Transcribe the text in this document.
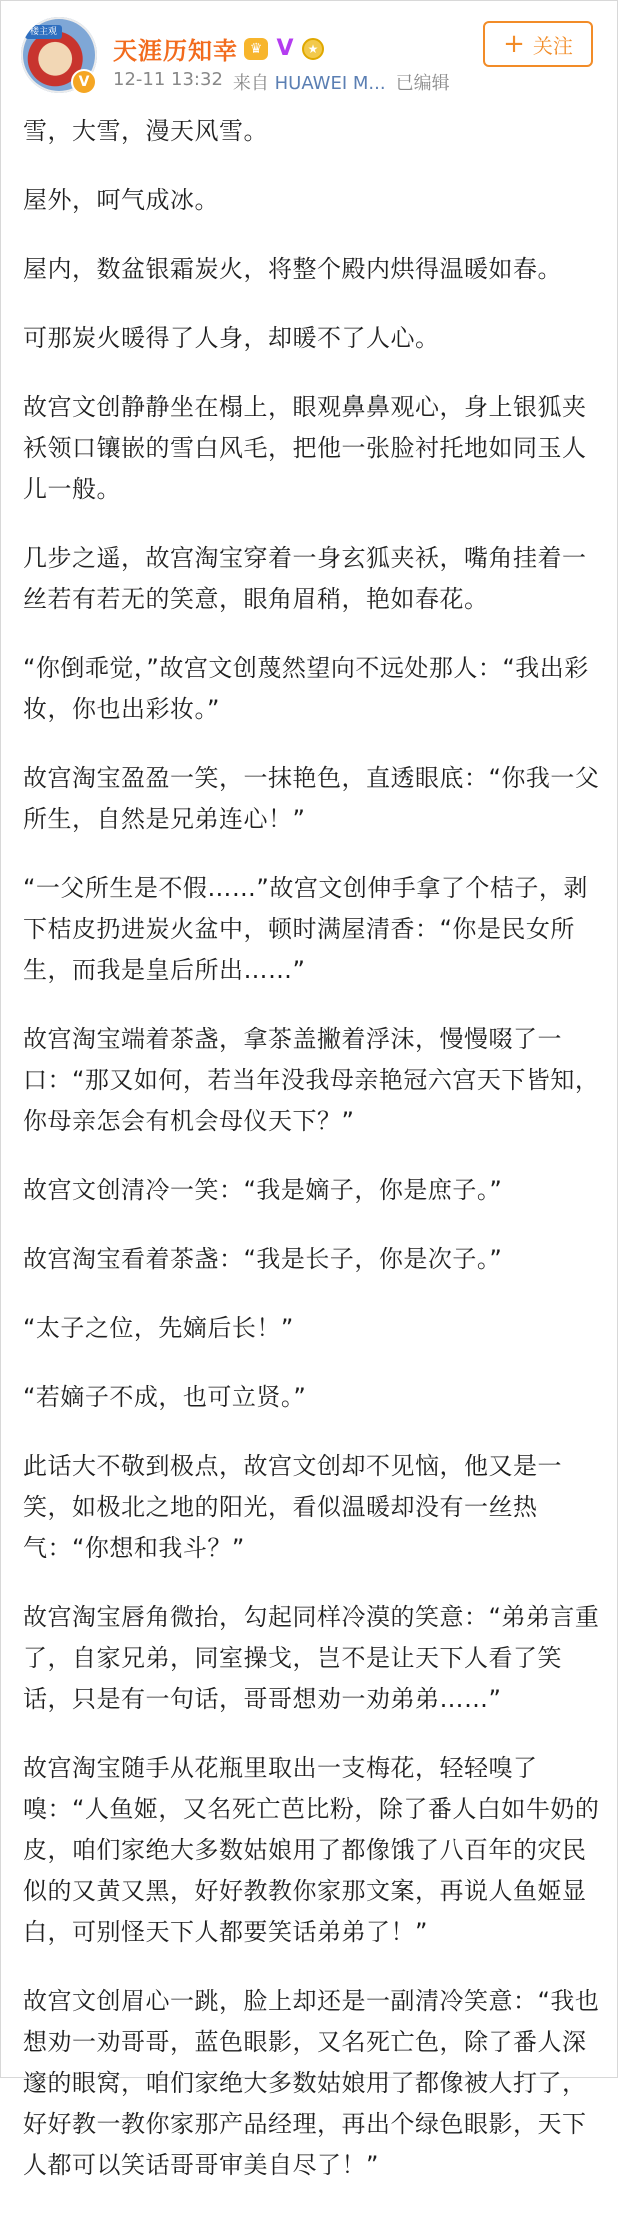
楼主观
V
天涯历知幸 ♛ V	★
12-11 13:32 来自 HUAWEI M... 已编辑
+ 关注

雪，大雪，漫天风雪。

屋外，呵气成冰。

屋内，数盆银霜炭火，将整个殿内烘得温暖如春。

可那炭火暖得了人身，却暖不了人心。

故宫文创静静坐在榻上，眼观鼻鼻观心，身上银狐夹袄领口镶嵌的雪白风毛，把他一张脸衬托地如同玉人儿一般。

几步之遥，故宫淘宝穿着一身玄狐夹袄，嘴角挂着一丝若有若无的笑意，眼角眉稍，艳如春花。

“你倒乖觉，”故宫文创蔑然望向不远处那人：“我出彩妆，你也出彩妆。”

故宫淘宝盈盈一笑，一抹艳色，直透眼底：“你我一父所生，自然是兄弟连心！”

“一父所生是不假……”故宫文创伸手拿了个桔子，剥下桔皮扔进炭火盆中，顿时满屋清香：“你是民女所生，而我是皇后所出……”

故宫淘宝端着茶盏，拿茶盖撇着浮沫，慢慢啜了一口：“那又如何，若当年没我母亲艳冠六宫天下皆知，你母亲怎会有机会母仪天下？”

故宫文创清冷一笑：“我是嫡子，你是庶子。”

故宫淘宝看着茶盏：“我是长子，你是次子。”

“太子之位，先嫡后长！”

“若嫡子不成，也可立贤。”

此话大不敬到极点，故宫文创却不见恼，他又是一笑，如极北之地的阳光，看似温暖却没有一丝热气：“你想和我斗？”

故宫淘宝唇角微抬，勾起同样冷漠的笑意：“弟弟言重了，自家兄弟，同室操戈，岂不是让天下人看了笑话，只是有一句话，哥哥想劝一劝弟弟……”

故宫淘宝随手从花瓶里取出一支梅花，轻轻嗅了嗅：“人鱼姬，又名死亡芭比粉，除了番人白如牛奶的皮，咱们家绝大多数姑娘用了都像饿了八百年的灾民似的又黄又黑，好好教教你家那文案，再说人鱼姬显白，可别怪天下人都要笑话弟弟了！”

故宫文创眉心一跳，脸上却还是一副清冷笑意：“我也想劝一劝哥哥，蓝色眼影，又名死亡色，除了番人深邃的眼窝，咱们家绝大多数姑娘用了都像被人打了，好好教一教你家那产品经理，再出个绿色眼影，天下人都可以笑话哥哥审美自尽了！”
